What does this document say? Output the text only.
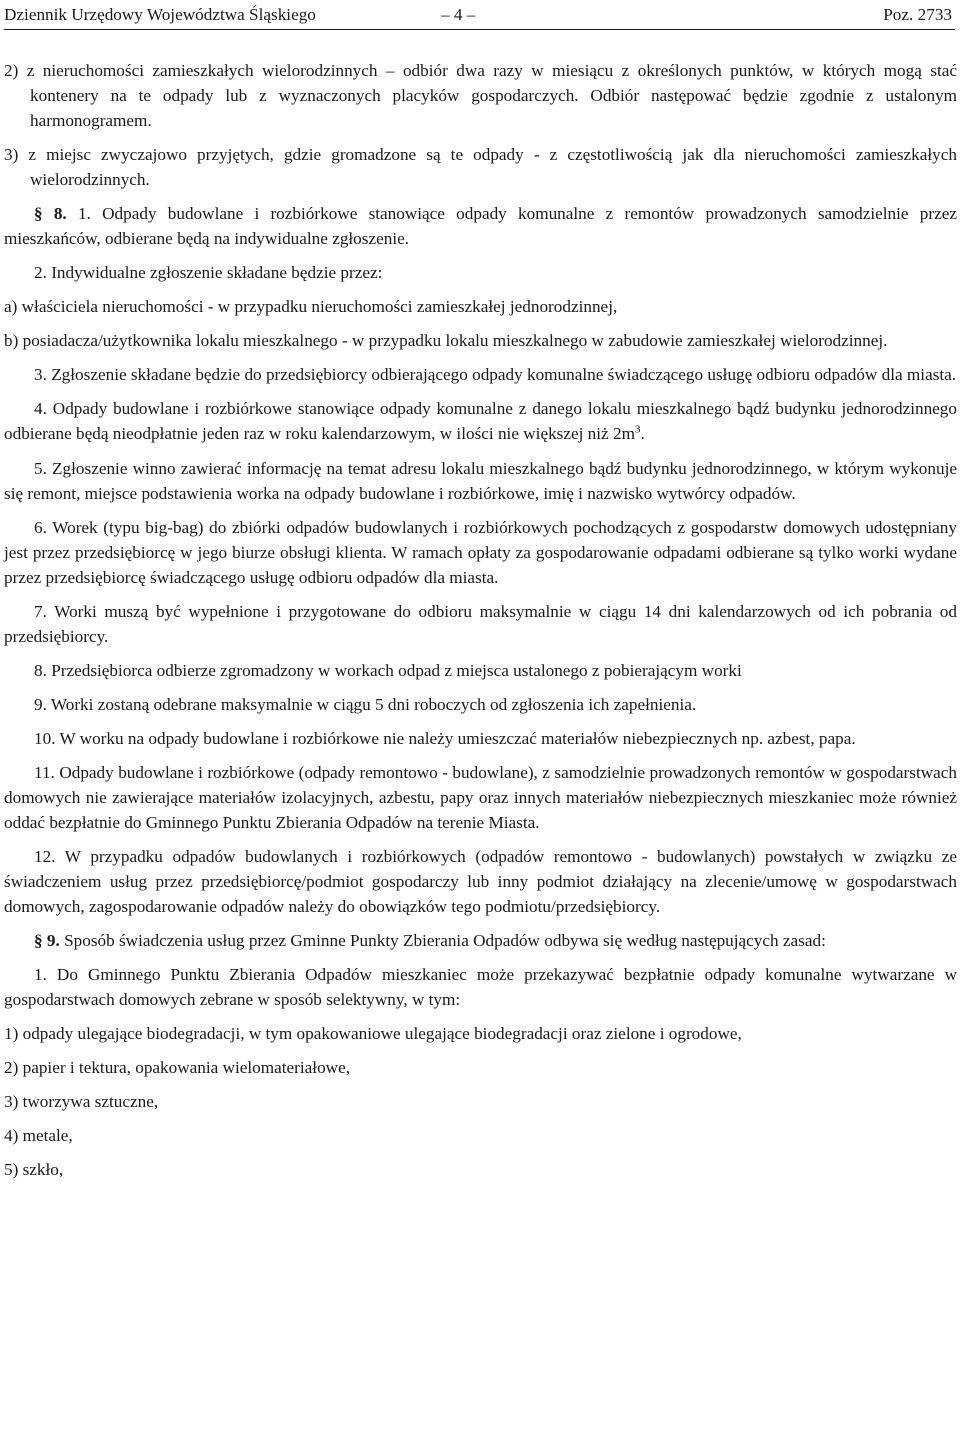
Dziennik Urzędowy Województwa Śląskiego	– 4 –	Poz. 2733

2) z nieruchomości zamieszkałych wielorodzinnych – odbiór dwa razy w miesiącu z określonych punktów, w których mogą stać kontenery na te odpady lub z wyznaczonych placyków gospodarczych. Odbiór następować będzie zgodnie z ustalonym harmonogramem.

3) z miejsc zwyczajowo przyjętych, gdzie gromadzone są te odpady - z częstotliwością jak dla nieruchomości zamieszkałych wielorodzinnych.

§ 8. 1. Odpady budowlane i rozbiórkowe stanowiące odpady komunalne z remontów prowadzonych samodzielnie przez mieszkańców, odbierane będą na indywidualne zgłoszenie.

2. Indywidualne zgłoszenie składane będzie przez:

a) właściciela nieruchomości - w przypadku nieruchomości zamieszkałej jednorodzinnej,

b) posiadacza/użytkownika lokalu mieszkalnego - w przypadku lokalu mieszkalnego w zabudowie zamieszkałej wielorodzinnej.

3. Zgłoszenie składane będzie do przedsiębiorcy odbierającego odpady komunalne świadczącego usługę odbioru odpadów dla miasta.

4. Odpady budowlane i rozbiórkowe stanowiące odpady komunalne z danego lokalu mieszkalnego bądź budynku jednorodzinnego odbierane będą nieodpłatnie jeden raz w roku kalendarzowym, w ilości nie większej niż $2m^3$.

5. Zgłoszenie winno zawierać informację na temat adresu lokalu mieszkalnego bądź budynku jednorodzinnego, w którym wykonuje się remont, miejsce podstawienia worka na odpady budowlane i rozbiórkowe, imię i nazwisko wytwórcy odpadów.

6. Worek (typu big-bag) do zbiórki odpadów budowlanych i rozbiórkowych pochodzących z gospodarstw domowych udostępniany jest przez przedsiębiorcę w jego biurze obsługi klienta. W ramach opłaty za gospodarowanie odpadami odbierane są tylko worki wydane przez przedsiębiorcę świadczącego usługę odbioru odpadów dla miasta.

7. Worki muszą być wypełnione i przygotowane do odbioru maksymalnie w ciągu 14 dni kalendarzowych od ich pobrania od przedsiębiorcy.

8. Przedsiębiorca odbierze zgromadzony w workach odpad z miejsca ustalonego z pobierającym worki

9. Worki zostaną odebrane maksymalnie w ciągu 5 dni roboczych od zgłoszenia ich zapełnienia.

10. W worku na odpady budowlane i rozbiórkowe nie należy umieszczać materiałów niebezpiecznych np. azbest, papa.

11. Odpady budowlane i rozbiórkowe (odpady remontowo - budowlane), z samodzielnie prowadzonych remontów w gospodarstwach domowych nie zawierające materiałów izolacyjnych, azbestu, papy oraz innych materiałów niebezpiecznych mieszkaniec może również oddać bezpłatnie do Gminnego Punktu Zbierania Odpadów na terenie Miasta.

12. W przypadku odpadów budowlanych i rozbiórkowych (odpadów remontowo - budowlanych) powstałych w związku ze świadczeniem usług przez przedsiębiorcę/podmiot gospodarczy lub inny podmiot działający na zlecenie/umowę w gospodarstwach domowych, zagospodarowanie odpadów należy do obowiązków tego podmiotu/przedsiębiorcy.

§ 9. Sposób świadczenia usług przez Gminne Punkty Zbierania Odpadów odbywa się według następujących zasad:

1. Do Gminnego Punktu Zbierania Odpadów mieszkaniec może przekazywać bezpłatnie odpady komunalne wytwarzane w gospodarstwach domowych zebrane w sposób selektywny, w tym:

1) odpady ulegające biodegradacji, w tym opakowaniowe ulegające biodegradacji oraz zielone i ogrodowe,

2) papier i tektura, opakowania wielomateriałowe,

3) tworzywa sztuczne,

4) metale,

5) szkło,
